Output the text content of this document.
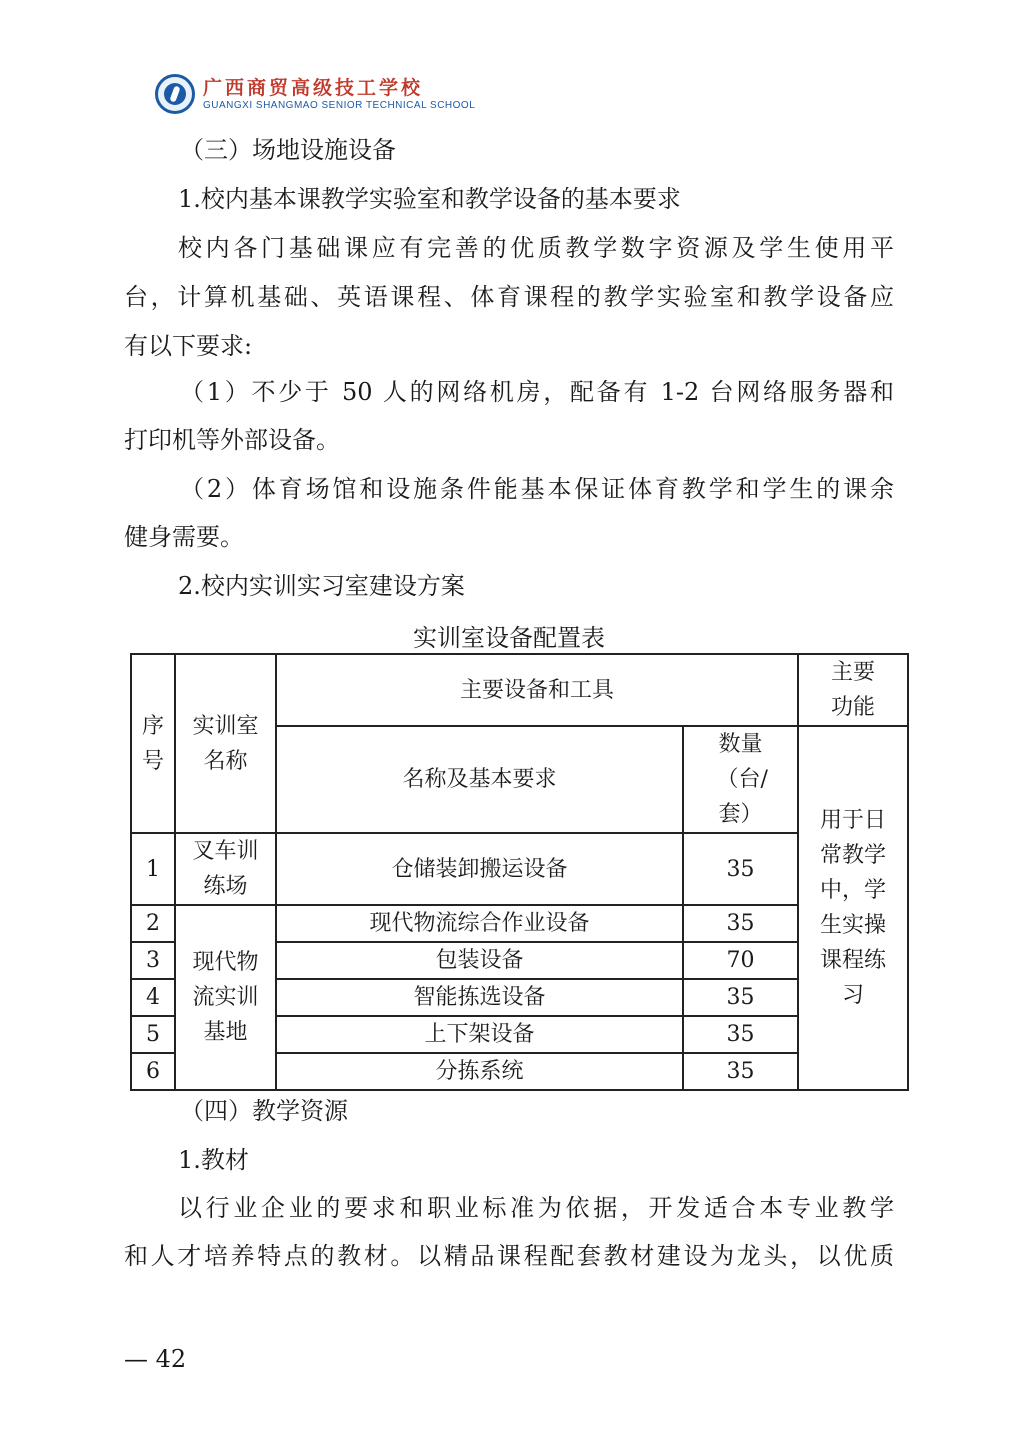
广西商贸高级技工学校
GUANGXI SHANGMAO SENIOR TECHNICAL SCHOOL
（三）场地设施设备
1.校内基本课教学实验室和教学设备的基本要求
校内各门基础课应有完善的优质教学数字资源及学生使用平
台，计算机基础、英语课程、体育课程的教学实验室和教学设备应
有以下要求:
（1）不少于 50 人的网络机房，配备有 1-2 台网络服务器和
打印机等外部设备。
（2）体育场馆和设施条件能基本保证体育教学和学生的课余
健身需要。
2.校内实训实习室建设方案
实训室设备配置表
序号	实训室名称	主要设备和工具		主要功能

		名称及基本要求	数量（台/套）	用于日常教学中，学生实操课程练习

1	叉车训练场	仓储装卸搬运设备	35	
2	现代物流实训基地	现代物流综合作业设备	35	
3		包装设备	70	
4		智能拣选设备	35	
5		上下架设备	35	
6		分拣系统	35	
（四）教学资源
1.教材
以行业企业的要求和职业标准为依据，开发适合本专业教学
和人才培养特点的教材。以精品课程配套教材建设为龙头，以优质
— 42
